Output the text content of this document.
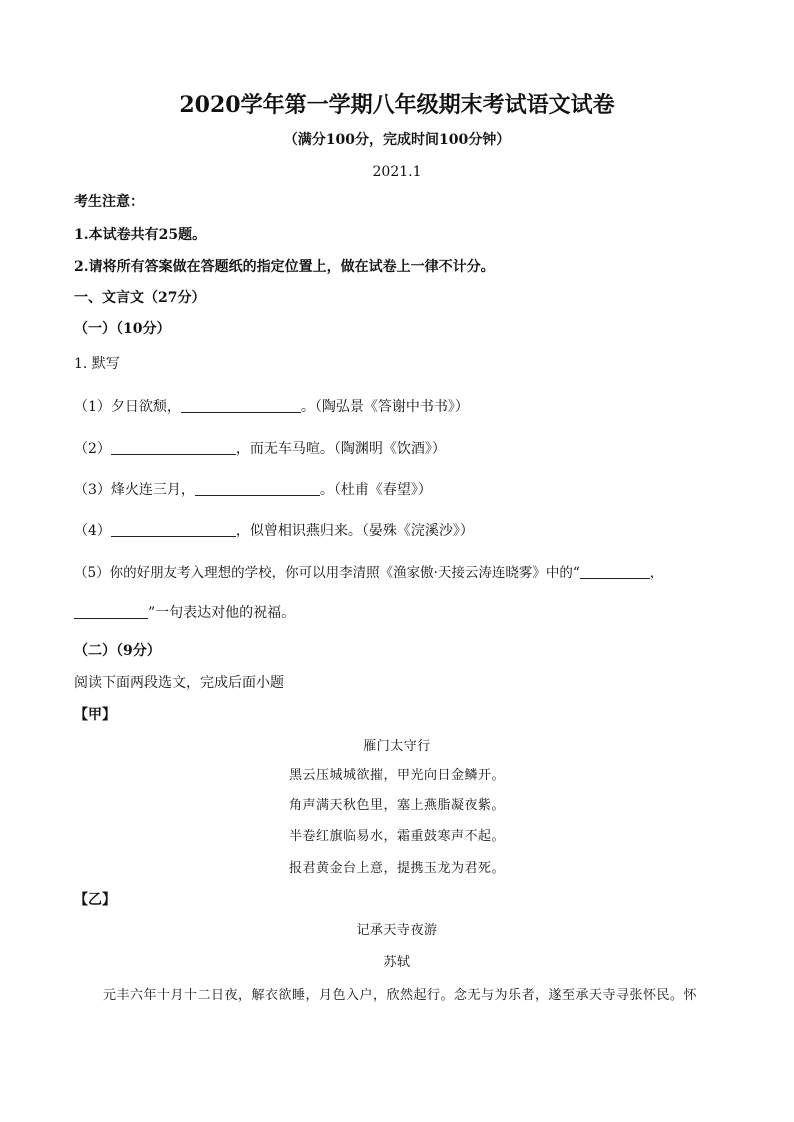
2020学年第一学期八年级期末考试语文试卷
（满分100分，完成时间100分钟）
2021.1
考生注意：
1.本试卷共有25题。
2.请将所有答案做在答题纸的指定位置上，做在试卷上一律不计分。
一、文言文（27分）
（一）（10分）
1. 默写
（1）夕日欲颓，	。（陶弘景《答谢中书书》）
（2）	，而无车马喧。（陶渊明《饮酒》）
（3）烽火连三月，	。（杜甫《春望》）
（4）	，似曾相识燕归来。（晏殊《浣溪沙》）
（5）你的好朋友考入理想的学校，你可以用李清照《渔家傲·天接云涛连晓雾》中的“	，
”一句表达对他的祝福。
（二）（9分）
阅读下面两段选文，完成后面小题
【甲】
雁门太守行
黑云压城城欲摧，甲光向日金鳞开。
角声满天秋色里，塞上燕脂凝夜紫。
半卷红旗临易水，霜重鼓寒声不起。
报君黄金台上意，提携玉龙为君死。
【乙】
记承天寺夜游
苏轼
元丰六年十月十二日夜，解衣欲睡，月色入户，欣然起行。念无与为乐者，遂至承天寺寻张怀民。怀
